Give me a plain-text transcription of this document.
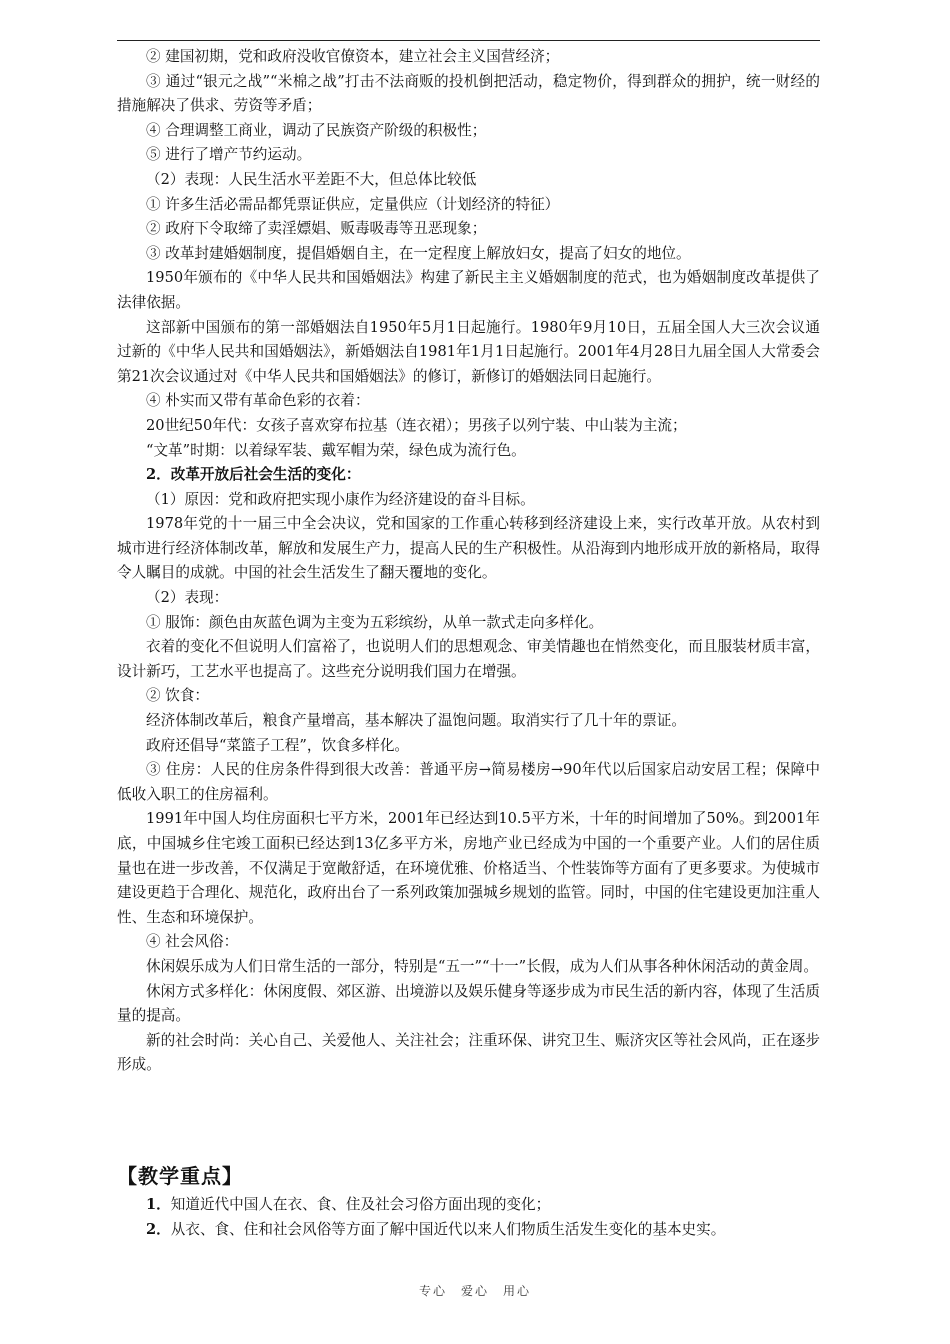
② 建国初期，党和政府没收官僚资本，建立社会主义国营经济；

③ 通过“银元之战”“米棉之战”打击不法商贩的投机倒把活动，稳定物价，得到群众的拥护，统一财经的措施解决了供求、劳资等矛盾；

④ 合理调整工商业，调动了民族资产阶级的积极性；

⑤ 进行了增产节约运动。

（2）表现：人民生活水平差距不大，但总体比较低

① 许多生活必需品都凭票证供应，定量供应（计划经济的特征）

② 政府下令取缔了卖淫嫖娼、贩毒吸毒等丑恶现象；

③ 改革封建婚姻制度，提倡婚姻自主，在一定程度上解放妇女，提高了妇女的地位。

1950年颁布的《中华人民共和国婚姻法》构建了新民主主义婚姻制度的范式，也为婚姻制度改革提供了法律依据。

这部新中国颁布的第一部婚姻法自1950年5月1日起施行。1980年9月10日，五届全国人大三次会议通过新的《中华人民共和国婚姻法》，新婚姻法自1981年1月1日起施行。2001年4月28日九届全国人大常委会第21次会议通过对《中华人民共和国婚姻法》的修订，新修订的婚姻法同日起施行。

④ 朴实而又带有革命色彩的衣着：

20世纪50年代：女孩子喜欢穿布拉基（连衣裙）；男孩子以列宁装、中山装为主流；

“文革”时期：以着绿军装、戴军帽为荣，绿色成为流行色。

2．改革开放后社会生活的变化：

（1）原因：党和政府把实现小康作为经济建设的奋斗目标。

1978年党的十一届三中全会决议，党和国家的工作重心转移到经济建设上来，实行改革开放。从农村到城市进行经济体制改革，解放和发展生产力，提高人民的生产积极性。从沿海到内地形成开放的新格局，取得令人瞩目的成就。中国的社会生活发生了翻天覆地的变化。

（2）表现：

① 服饰：颜色由灰蓝色调为主变为五彩缤纷，从单一款式走向多样化。

衣着的变化不但说明人们富裕了，也说明人们的思想观念、审美情趣也在悄然变化，而且服装材质丰富，设计新巧，工艺水平也提高了。这些充分说明我们国力在增强。

② 饮食：

经济体制改革后，粮食产量增高，基本解决了温饱问题。取消实行了几十年的票证。

政府还倡导“菜篮子工程”，饮食多样化。

③ 住房：人民的住房条件得到很大改善：普通平房→简易楼房→90年代以后国家启动安居工程；保障中低收入职工的住房福利。

1991年中国人均住房面积七平方米，2001年已经达到10.5平方米，十年的时间增加了50%。到2001年底，中国城乡住宅竣工面积已经达到13亿多平方米，房地产业已经成为中国的一个重要产业。人们的居住质量也在进一步改善，不仅满足于宽敞舒适，在环境优雅、价格适当、个性装饰等方面有了更多要求。为使城市建设更趋于合理化、规范化，政府出台了一系列政策加强城乡规划的监管。同时，中国的住宅建设更加注重人性、生态和环境保护。

④ 社会风俗：

休闲娱乐成为人们日常生活的一部分，特别是“五一”“十一”长假，成为人们从事各种休闲活动的黄金周。

休闲方式多样化：休闲度假、郊区游、出境游以及娱乐健身等逐步成为市民生活的新内容，体现了生活质量的提高。

新的社会时尚：关心自己、关爱他人、关注社会；注重环保、讲究卫生、赈济灾区等社会风尚，正在逐步形成。

【教学重点】

1．知道近代中国人在衣、食、住及社会习俗方面出现的变化；

2．从衣、食、住和社会风俗等方面了解中国近代以来人们物质生活发生变化的基本史实。

专心　爱心　用心
